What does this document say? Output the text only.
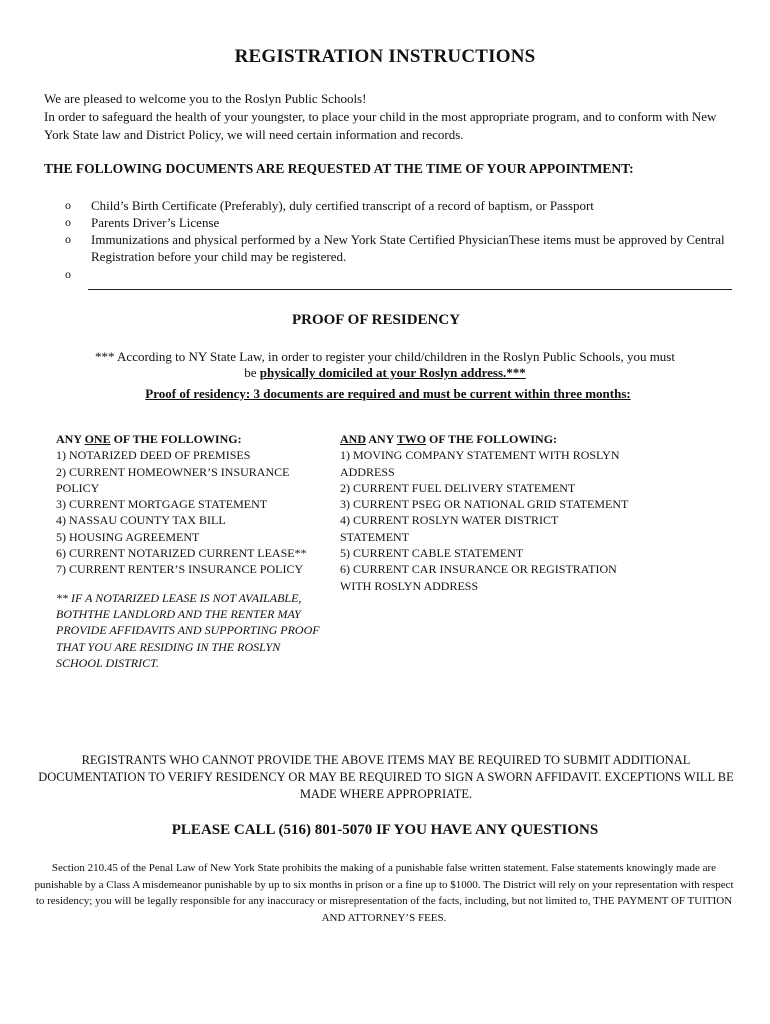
REGISTRATION INSTRUCTIONS

We are pleased to welcome you to the Roslyn Public Schools!

In order to safeguard the health of your youngster, to place your child in the most appropriate program, and to conform with New York State law and District Policy, we will need certain information and records.

THE FOLLOWING DOCUMENTS ARE REQUESTED AT THE TIME OF YOUR APPOINTMENT:
o Child’s Birth Certificate (Preferably), duly certified transcript of a record of baptism, or Passport
o Parents Driver’s License
o Immunizations and physical performed by a New York State Certified PhysicianThese items must be approved by Central Registration before your child may be registered.
o
PROOF OF RESIDENCY

*** According to NY State Law, in order to register your child/children in the Roslyn Public Schools, you must

be physically domiciled at your Roslyn address.***

Proof of residency: 3 documents are required and must be current within three months:
ANY ONE OF THE FOLLOWING:
1) NOTARIZED DEED OF PREMISES
2) CURRENT HOMEOWNER’S INSURANCE POLICY
3) CURRENT MORTGAGE STATEMENT
4) NASSAU COUNTY TAX BILL
5) HOUSING AGREEMENT
6) CURRENT NOTARIZED CURRENT LEASE**
7) CURRENT RENTER’S INSURANCE POLICY
** IF A NOTARIZED LEASE IS NOT AVAILABLE, BOTHTHE LANDLORD AND THE RENTER MAY PROVIDE AFFIDAVITS AND SUPPORTING PROOF THAT YOU ARE RESIDING IN THE ROSLYN SCHOOL DISTRICT.
AND ANY TWO OF THE FOLLOWING:
1) MOVING COMPANY STATEMENT WITH ROSLYN ADDRESS
2) CURRENT FUEL DELIVERY STATEMENT
3) CURRENT PSEG OR NATIONAL GRID STATEMENT
4) CURRENT ROSLYN WATER DISTRICT STATEMENT
5) CURRENT CABLE STATEMENT
6) CURRENT CAR INSURANCE OR REGISTRATION WITH ROSLYN ADDRESS
REGISTRANTS WHO CANNOT PROVIDE THE ABOVE ITEMS MAY BE REQUIRED TO SUBMIT ADDITIONAL DOCUMENTATION TO VERIFY RESIDENCY OR MAY BE REQUIRED TO SIGN A SWORN AFFIDAVIT. EXCEPTIONS WILL BE MADE WHERE APPROPRIATE.
PLEASE CALL (516) 801-5070 IF YOU HAVE ANY QUESTIONS
Section 210.45 of the Penal Law of New York State prohibits the making of a punishable false written statement. False statements knowingly made are punishable by a Class A misdemeanor punishable by up to six months in prison or a fine up to $1000. The District will rely on your representation with respect to residency; you will be legally responsible for any inaccuracy or misrepresentation of the facts, including, but not limited to, THE PAYMENT OF TUITION AND ATTORNEY’S FEES.
